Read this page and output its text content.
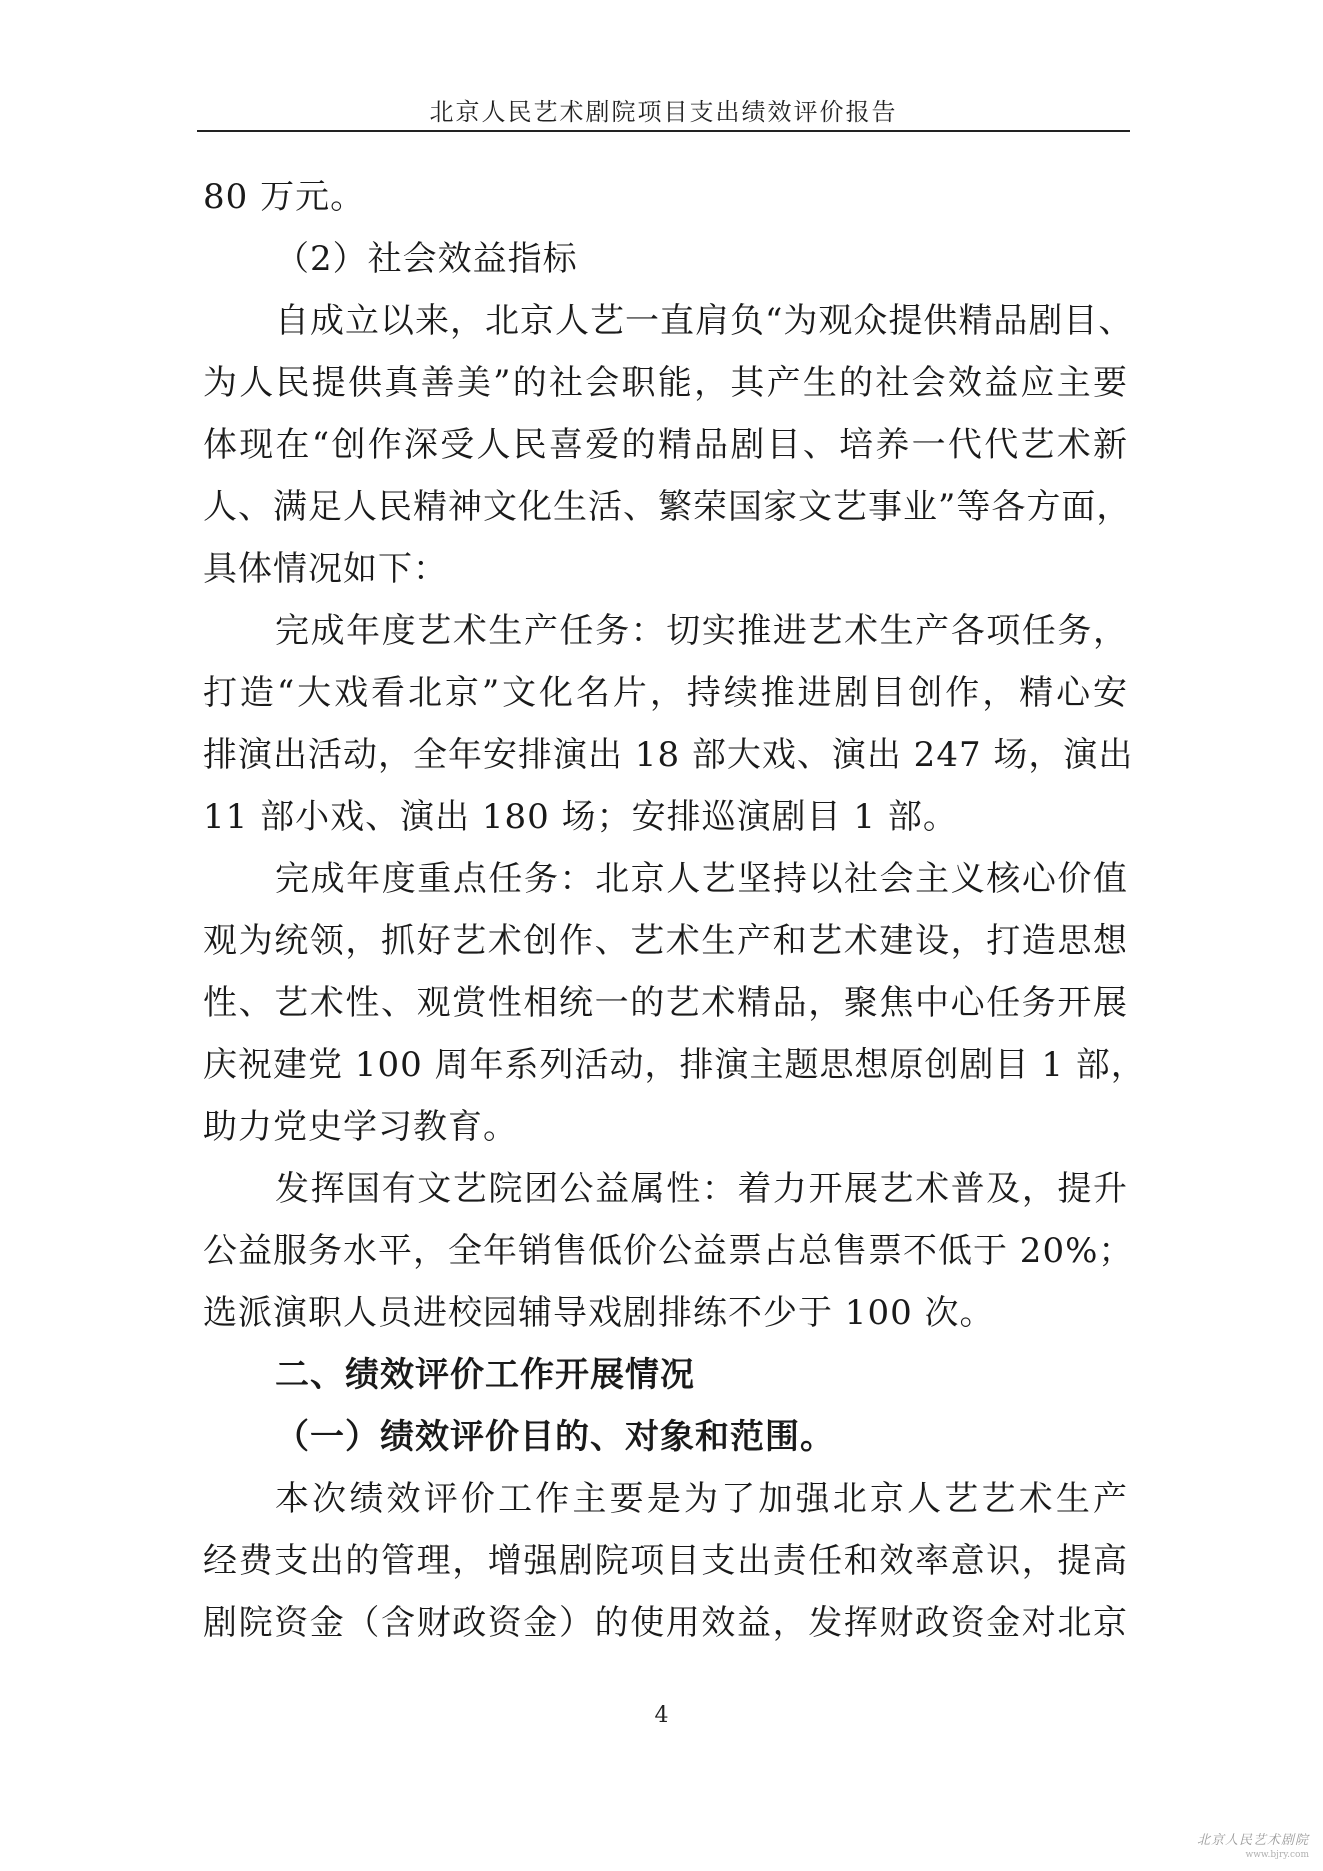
北京人民艺术剧院项目支出绩效评价报告
80 万元。
（2）社会效益指标
自成立以来，北京人艺一直肩负“为观众提供精品剧目、
为人民提供真善美”的社会职能，其产生的社会效益应主要
体现在“创作深受人民喜爱的精品剧目、培养一代代艺术新
人、满足人民精神文化生活、繁荣国家文艺事业”等各方面，
具体情况如下：
完成年度艺术生产任务：切实推进艺术生产各项任务，
打造“大戏看北京”文化名片，持续推进剧目创作，精心安
排演出活动，全年安排演出 18 部大戏、演出 247 场，演出
11 部小戏、演出 180 场；安排巡演剧目 1 部。
完成年度重点任务：北京人艺坚持以社会主义核心价值
观为统领，抓好艺术创作、艺术生产和艺术建设，打造思想
性、艺术性、观赏性相统一的艺术精品，聚焦中心任务开展
庆祝建党 100 周年系列活动，排演主题思想原创剧目 1 部，
助力党史学习教育。
发挥国有文艺院团公益属性：着力开展艺术普及，提升
公益服务水平，全年销售低价公益票占总售票不低于 20%；
选派演职人员进校园辅导戏剧排练不少于 100 次。
二、绩效评价工作开展情况
（一）绩效评价目的、对象和范围。
本次绩效评价工作主要是为了加强北京人艺艺术生产
经费支出的管理，增强剧院项目支出责任和效率意识，提高
剧院资金（含财政资金）的使用效益，发挥财政资金对北京
4
北京人民艺术剧院
www.bjry.com
